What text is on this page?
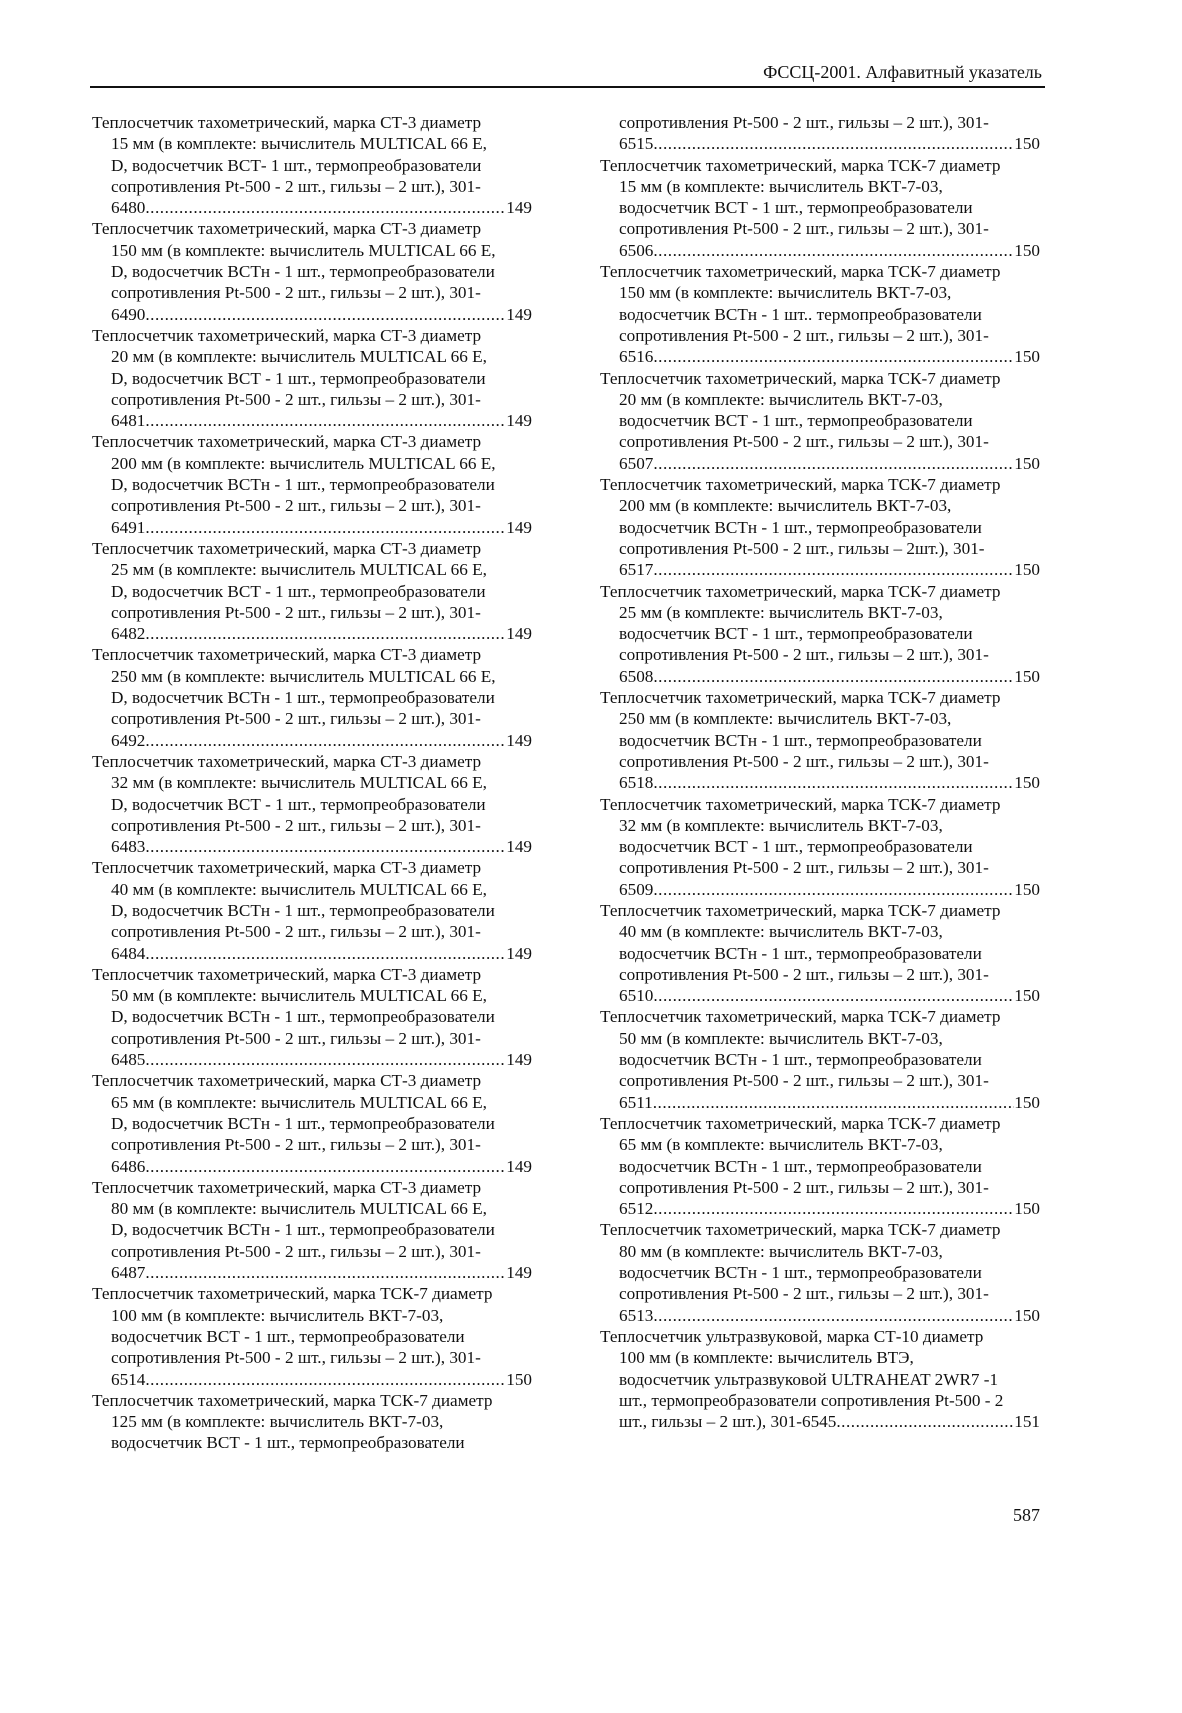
ФССЦ-2001. Алфавитный указатель
Теплосчетчик тахометрический, марка СТ-3 диаметр
15 мм (в комплекте: вычислитель MULTICAL 66 E,
D, водосчетчик ВСТ- 1 шт., термопреобразователи
сопротивления Pt-500 - 2 шт., гильзы – 2 шт.), 301-
6480 .....	149
Теплосчетчик тахометрический, марка СТ-3 диаметр
150 мм (в комплекте: вычислитель MULTICAL 66 E,
D, водосчетчик ВСТн - 1 шт., термопреобразователи
сопротивления Pt-500 - 2 шт., гильзы – 2 шт.), 301-
6490 .....	149
Теплосчетчик тахометрический, марка СТ-3 диаметр
20 мм (в комплекте: вычислитель MULTICAL 66 E,
D, водосчетчик ВСТ - 1 шт., термопреобразователи
сопротивления Pt-500 - 2 шт., гильзы – 2 шт.), 301-
6481 .....	149
Теплосчетчик тахометрический, марка СТ-3 диаметр
200 мм (в комплекте: вычислитель MULTICAL 66 E,
D, водосчетчик ВСТн - 1 шт., термопреобразователи
сопротивления Pt-500 - 2 шт., гильзы – 2 шт.), 301-
6491 .....	149
Теплосчетчик тахометрический, марка СТ-3 диаметр
25 мм (в комплекте: вычислитель MULTICAL 66 E,
D, водосчетчик ВСТ - 1 шт., термопреобразователи
сопротивления Pt-500 - 2 шт., гильзы – 2 шт.), 301-
6482 .....	149
Теплосчетчик тахометрический, марка СТ-3 диаметр
250 мм (в комплекте: вычислитель MULTICAL 66 E,
D, водосчетчик ВСТн - 1 шт., термопреобразователи
сопротивления Pt-500 - 2 шт., гильзы – 2 шт.), 301-
6492 .....	149
Теплосчетчик тахометрический, марка СТ-3 диаметр
32 мм (в комплекте: вычислитель MULTICAL 66 E,
D, водосчетчик ВСТ - 1 шт., термопреобразователи
сопротивления Pt-500 - 2 шт., гильзы – 2 шт.), 301-
6483 .....	149
Теплосчетчик тахометрический, марка СТ-3 диаметр
40 мм (в комплекте: вычислитель MULTICAL 66 E,
D, водосчетчик ВСТн - 1 шт., термопреобразователи
сопротивления Pt-500 - 2 шт., гильзы – 2 шт.), 301-
6484 .....	149
Теплосчетчик тахометрический, марка СТ-3 диаметр
50 мм (в комплекте: вычислитель MULTICAL 66 E,
D, водосчетчик ВСТн - 1 шт., термопреобразователи
сопротивления Pt-500 - 2 шт., гильзы – 2 шт.), 301-
6485 .....	149
Теплосчетчик тахометрический, марка СТ-3 диаметр
65 мм (в комплекте: вычислитель MULTICAL 66 E,
D, водосчетчик ВСТн - 1 шт., термопреобразователи
сопротивления Pt-500 - 2 шт., гильзы – 2 шт.), 301-
6486 .....	149
Теплосчетчик тахометрический, марка СТ-3 диаметр
80 мм (в комплекте: вычислитель MULTICAL 66 E,
D, водосчетчик ВСТн - 1 шт., термопреобразователи
сопротивления Pt-500 - 2 шт., гильзы – 2 шт.), 301-
6487 .....	149
Теплосчетчик тахометрический, марка ТСК-7 диаметр
100 мм (в комплекте: вычислитель ВКТ-7-03,
водосчетчик ВСТ - 1 шт., термопреобразователи
сопротивления Pt-500 - 2 шт., гильзы – 2 шт.), 301-
6514 .....	150
Теплосчетчик тахометрический, марка ТСК-7 диаметр
125 мм (в комплекте: вычислитель ВКТ-7-03,
водосчетчик ВСТ - 1 шт., термопреобразователи
сопротивления Pt-500 - 2 шт., гильзы – 2 шт.), 301-
6515 .....	150
Теплосчетчик тахометрический, марка ТСК-7 диаметр
15 мм (в комплекте: вычислитель ВКТ-7-03,
водосчетчик ВСТ - 1 шт., термопреобразователи
сопротивления Pt-500 - 2 шт., гильзы – 2 шт.), 301-
6506 .....	150
Теплосчетчик тахометрический, марка ТСК-7 диаметр
150 мм (в комплекте: вычислитель ВКТ-7-03,
водосчетчик ВСТн - 1 шт.. термопреобразователи
сопротивления Pt-500 - 2 шт., гильзы – 2 шт.), 301-
6516 .....	150
Теплосчетчик тахометрический, марка ТСК-7 диаметр
20 мм (в комплекте: вычислитель ВКТ-7-03,
водосчетчик ВСТ - 1 шт., термопреобразователи
сопротивления Pt-500 - 2 шт., гильзы – 2 шт.), 301-
6507 .....	150
Теплосчетчик тахометрический, марка ТСК-7 диаметр
200 мм (в комплекте: вычислитель ВКТ-7-03,
водосчетчик ВСТн - 1 шт., термопреобразователи
сопротивления Pt-500 - 2 шт., гильзы – 2шт.), 301-
6517 .....	150
Теплосчетчик тахометрический, марка ТСК-7 диаметр
25 мм (в комплекте: вычислитель ВКТ-7-03,
водосчетчик ВСТ - 1 шт., термопреобразователи
сопротивления Pt-500 - 2 шт., гильзы – 2 шт.), 301-
6508 .....	150
Теплосчетчик тахометрический, марка ТСК-7 диаметр
250 мм (в комплекте: вычислитель ВКТ-7-03,
водосчетчик ВСТн - 1 шт., термопреобразователи
сопротивления Pt-500 - 2 шт., гильзы – 2 шт.), 301-
6518 .....	150
Теплосчетчик тахометрический, марка ТСК-7 диаметр
32 мм (в комплекте: вычислитель ВКТ-7-03,
водосчетчик ВСТ - 1 шт., термопреобразователи
сопротивления Pt-500 - 2 шт., гильзы – 2 шт.), 301-
6509 .....	150
Теплосчетчик тахометрический, марка ТСК-7 диаметр
40 мм (в комплекте: вычислитель ВКТ-7-03,
водосчетчик ВСТн - 1 шт., термопреобразователи
сопротивления Pt-500 - 2 шт., гильзы – 2 шт.), 301-
6510 .....	150
Теплосчетчик тахометрический, марка ТСК-7 диаметр
50 мм (в комплекте: вычислитель ВКТ-7-03,
водосчетчик ВСТн - 1 шт., термопреобразователи
сопротивления Pt-500 - 2 шт., гильзы – 2 шт.), 301-
6511 .....	150
Теплосчетчик тахометрический, марка ТСК-7 диаметр
65 мм (в комплекте: вычислитель ВКТ-7-03,
водосчетчик ВСТн - 1 шт., термопреобразователи
сопротивления Pt-500 - 2 шт., гильзы – 2 шт.), 301-
6512 .....	150
Теплосчетчик тахометрический, марка ТСК-7 диаметр
80 мм (в комплекте: вычислитель ВКТ-7-03,
водосчетчик ВСТн - 1 шт., термопреобразователи
сопротивления Pt-500 - 2 шт., гильзы – 2 шт.), 301-
6513 .....	150
Теплосчетчик ультразвуковой, марка СТ-10 диаметр
100 мм (в комплекте: вычислитель ВТЭ,
водосчетчик ультразвуковой ULTRAHEAT 2WR7 -1
шт., термопреобразователи сопротивления Pt-500 - 2
шт., гильзы – 2 шт.), 301-6545 .....	151
587
